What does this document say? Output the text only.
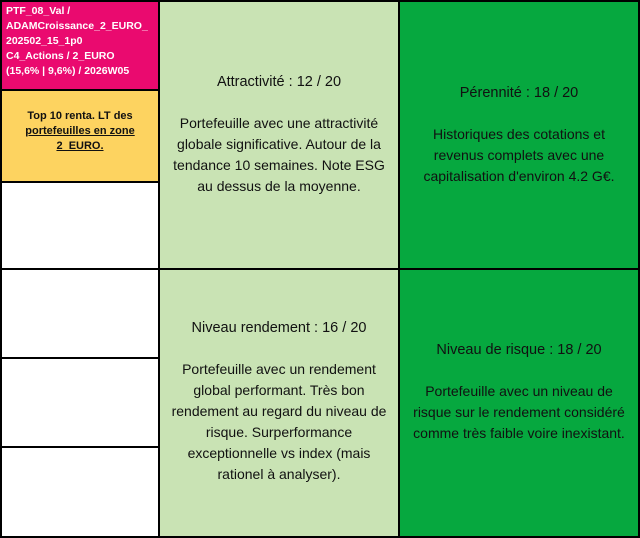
PTF_08_Val /
ADAMCroissance_2_EURO_
202502_15_1p0
C4_Actions / 2_EURO
(15,6% | 9,6%) / 2026W05
Top 10 renta. LT des
portefeuilles en zone
2_EURO.
Attractivité : 12 / 20
Portefeuille avec une attractivité globale significative. Autour de la tendance 10 semaines. Note ESG au dessus de la moyenne.
Pérennité : 18 / 20
Historiques des cotations et revenus complets avec une capitalisation d'environ 4.2 G€.
Niveau rendement : 16 / 20
Portefeuille avec un rendement global performant. Très bon rendement au regard du niveau de risque. Surperformance exceptionnelle vs index (mais rationel à analyser).
Niveau de risque : 18 / 20
Portefeuille avec un niveau de risque sur le rendement considéré comme très faible voire inexistant.
